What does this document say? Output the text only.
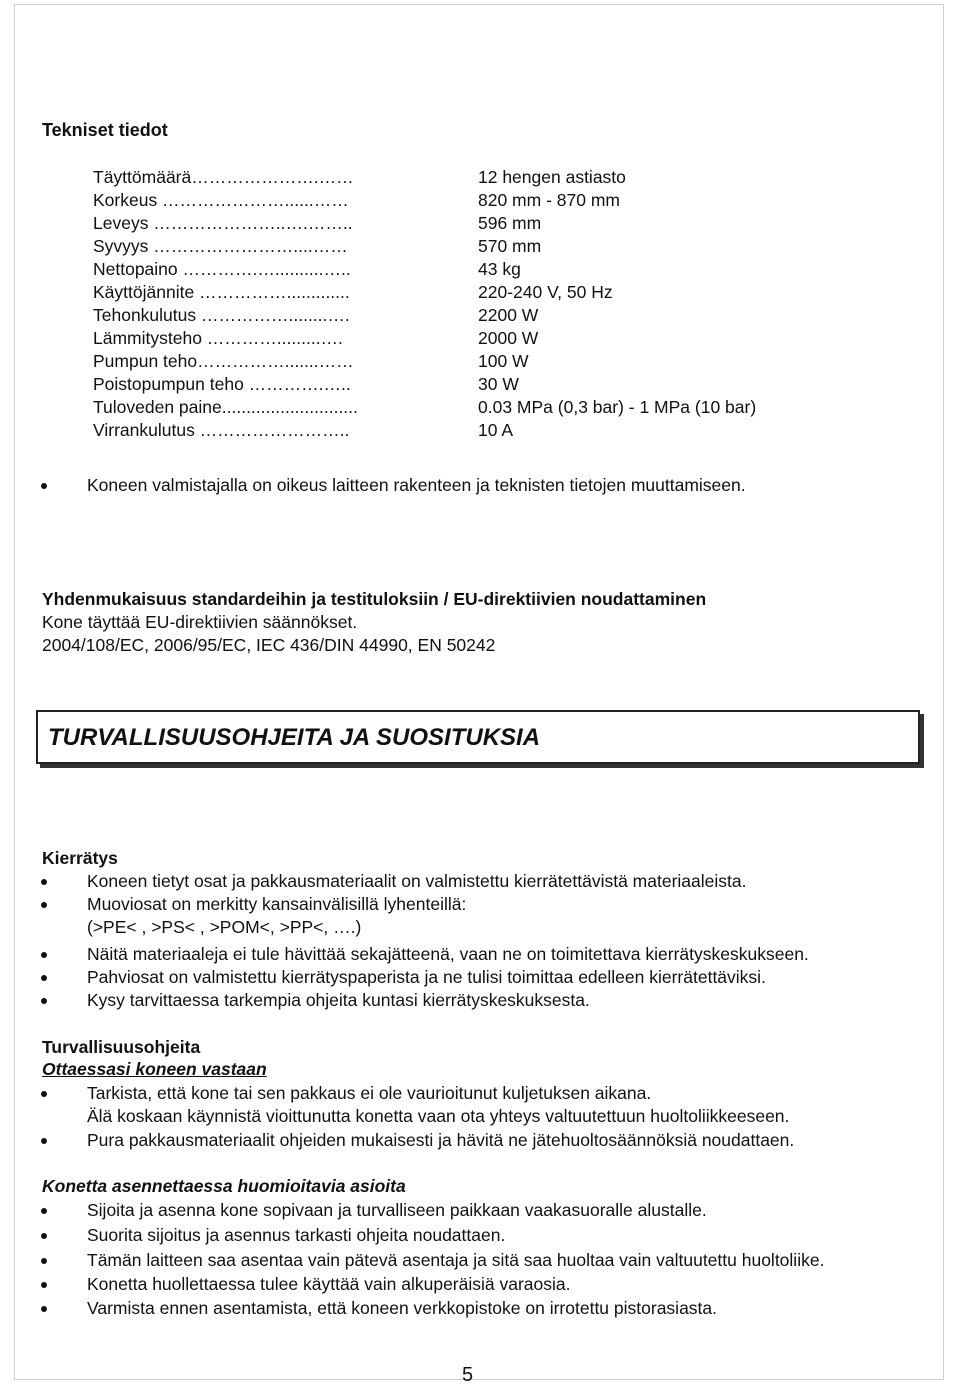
Tekniset tiedot
Täyttömäärä………………….……	12 hengen astiasto
Korkeus …………………......……	820 mm - 870 mm
Leveys …………………..….……..	596 mm
Syvyys ……………………....……	570 mm
Nettopaino ………….…..........…..	43 kg
Käyttöjännite …………….............	220-240 V, 50 Hz
Tehonkulutus ……………........….	2200 W
Lämmitysteho ………….........….	2000 W
Pumpun teho…………….......……	100 W
Poistopumpun teho ………….…..	30 W
Tuloveden paine............................	0.03 MPa (0,3 bar) - 1 MPa (10 bar)
Virrankulutus ……………………..	10 A
Koneen valmistajalla on oikeus laitteen rakenteen ja teknisten tietojen muuttamiseen.
Yhdenmukaisuus standardeihin ja testituloksiin / EU-direktiivien noudattaminen
Kone täyttää EU-direktiivien säännökset.
2004/108/EC, 2006/95/EC, IEC 436/DIN 44990, EN 50242
TURVALLISUUSOHJEITA JA SUOSITUKSIA
Kierrätys
Koneen tietyt osat ja pakkausmateriaalit on valmistettu kierrätettävistä materiaaleista.
Muoviosat on merkitty kansainvälisillä lyhenteillä:
(>PE< , >PS< , >POM<, >PP<, ….)
Näitä materiaaleja ei tule hävittää sekajätteenä, vaan ne on toimitettava kierrätyskeskukseen.
Pahviosat on valmistettu kierrätyspaperista ja ne tulisi toimittaa edelleen kierrätettäviksi.
Kysy tarvittaessa tarkempia ohjeita kuntasi kierrätyskeskuksesta.
Turvallisuusohjeita
Ottaessasi koneen vastaan
Tarkista, että kone tai sen pakkaus ei ole vaurioitunut kuljetuksen aikana.
Älä koskaan käynnistä vioittunutta konetta vaan ota yhteys valtuutettuun huoltoliikkeeseen.
Pura pakkausmateriaalit ohjeiden mukaisesti ja hävitä ne jätehuoltosäännöksiä noudattaen.
Konetta asennettaessa huomioitavia asioita
Sijoita ja asenna kone sopivaan ja turvalliseen paikkaan vaakasuoralle alustalle.
Suorita sijoitus ja asennus tarkasti ohjeita noudattaen.
Tämän laitteen saa asentaa vain pätevä asentaja ja sitä saa huoltaa vain valtuutettu huoltoliike.
Konetta huollettaessa tulee käyttää vain alkuperäisiä varaosia.
Varmista ennen asentamista, että koneen verkkopistoke on irrotettu pistorasiasta.
5
